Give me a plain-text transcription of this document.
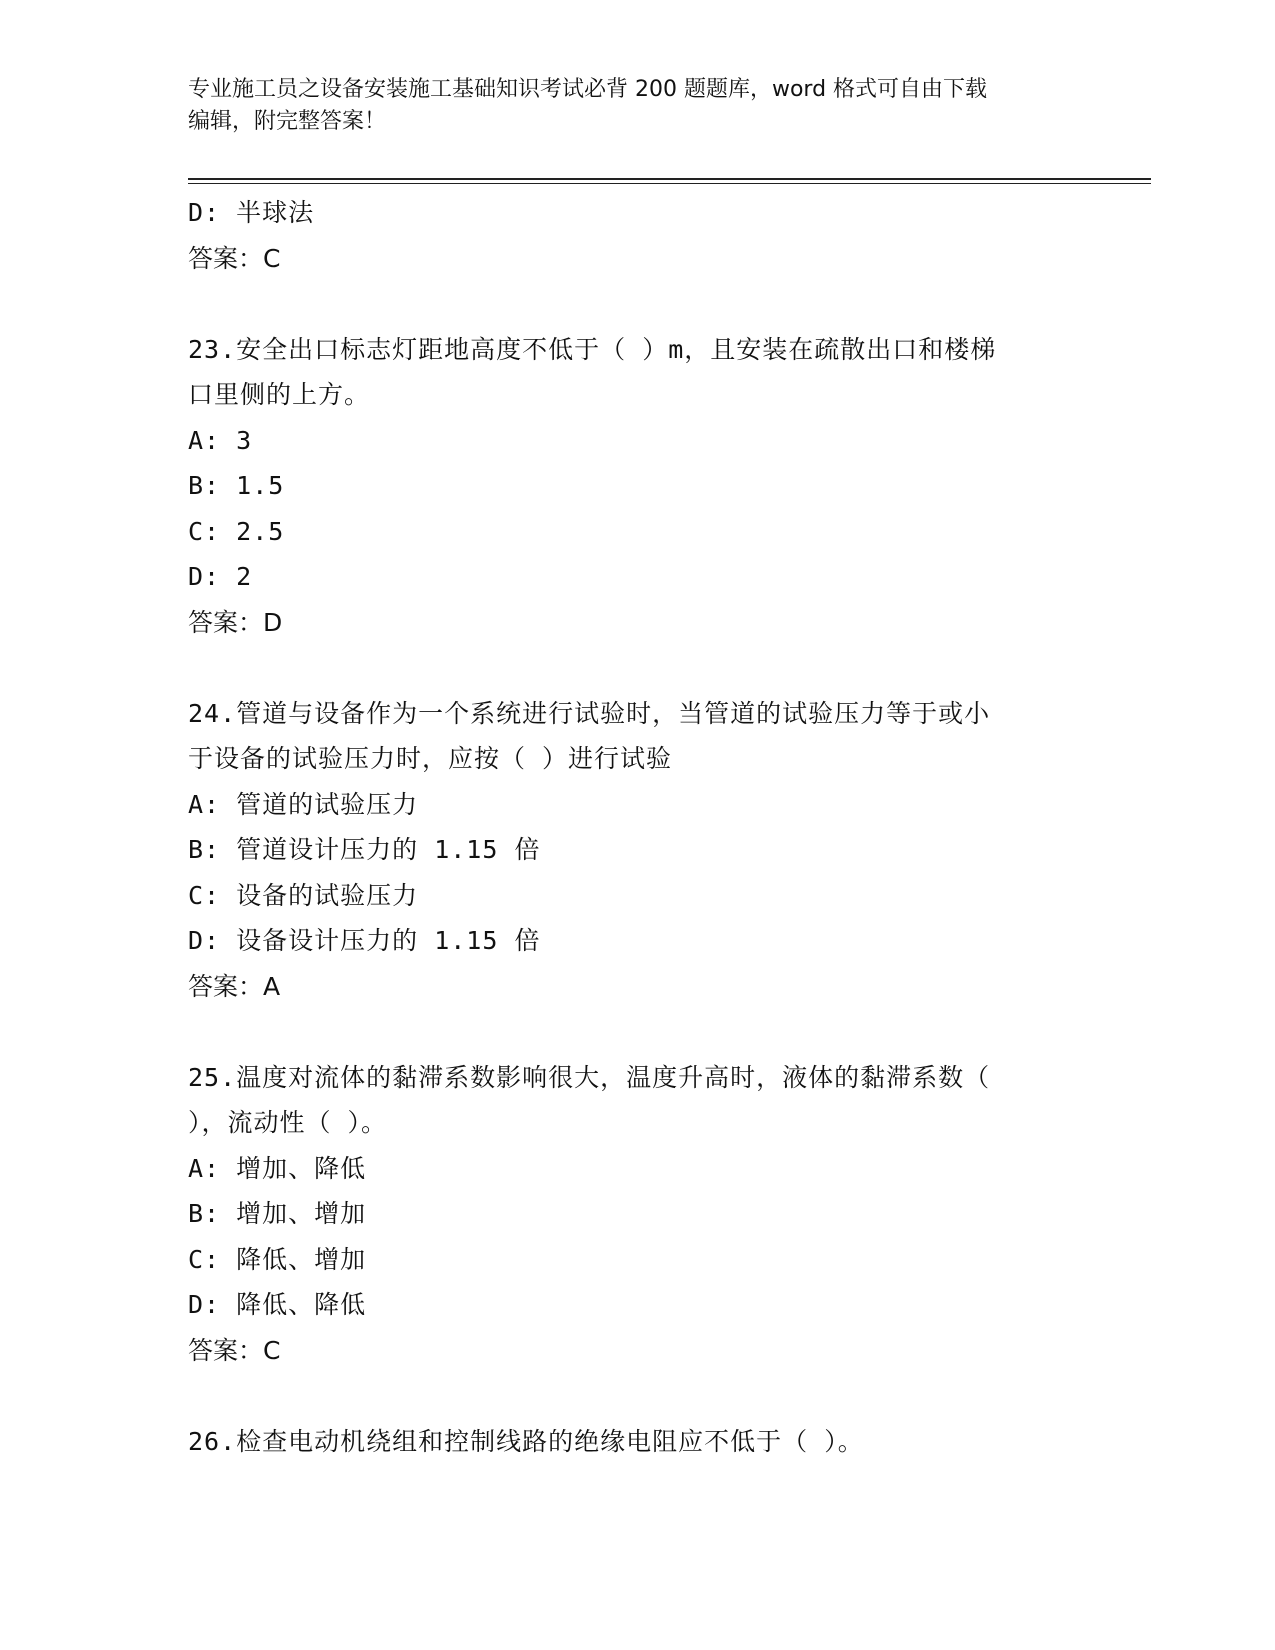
专业施工员之设备安装施工基础知识考试必背 200 题题库，word 格式可自由下载
编辑，附完整答案！
D: 半球法
答案：C
23.安全出口标志灯距地高度不低于（ ）m，且安装在疏散出口和楼梯
口里侧的上方。
A: 3
B: 1.5
C: 2.5
D: 2
答案：D
24.管道与设备作为一个系统进行试验时，当管道的试验压力等于或小
于设备的试验压力时，应按（ ）进行试验
A: 管道的试验压力
B: 管道设计压力的 1.15 倍
C: 设备的试验压力
D: 设备设计压力的 1.15 倍
答案：A
25.温度对流体的黏滞系数影响很大，温度升高时，液体的黏滞系数（
），流动性（ ）。
A: 增加、降低
B: 增加、增加
C: 降低、增加
D: 降低、降低
答案：C
26.检查电动机绕组和控制线路的绝缘电阻应不低于（ ）。
